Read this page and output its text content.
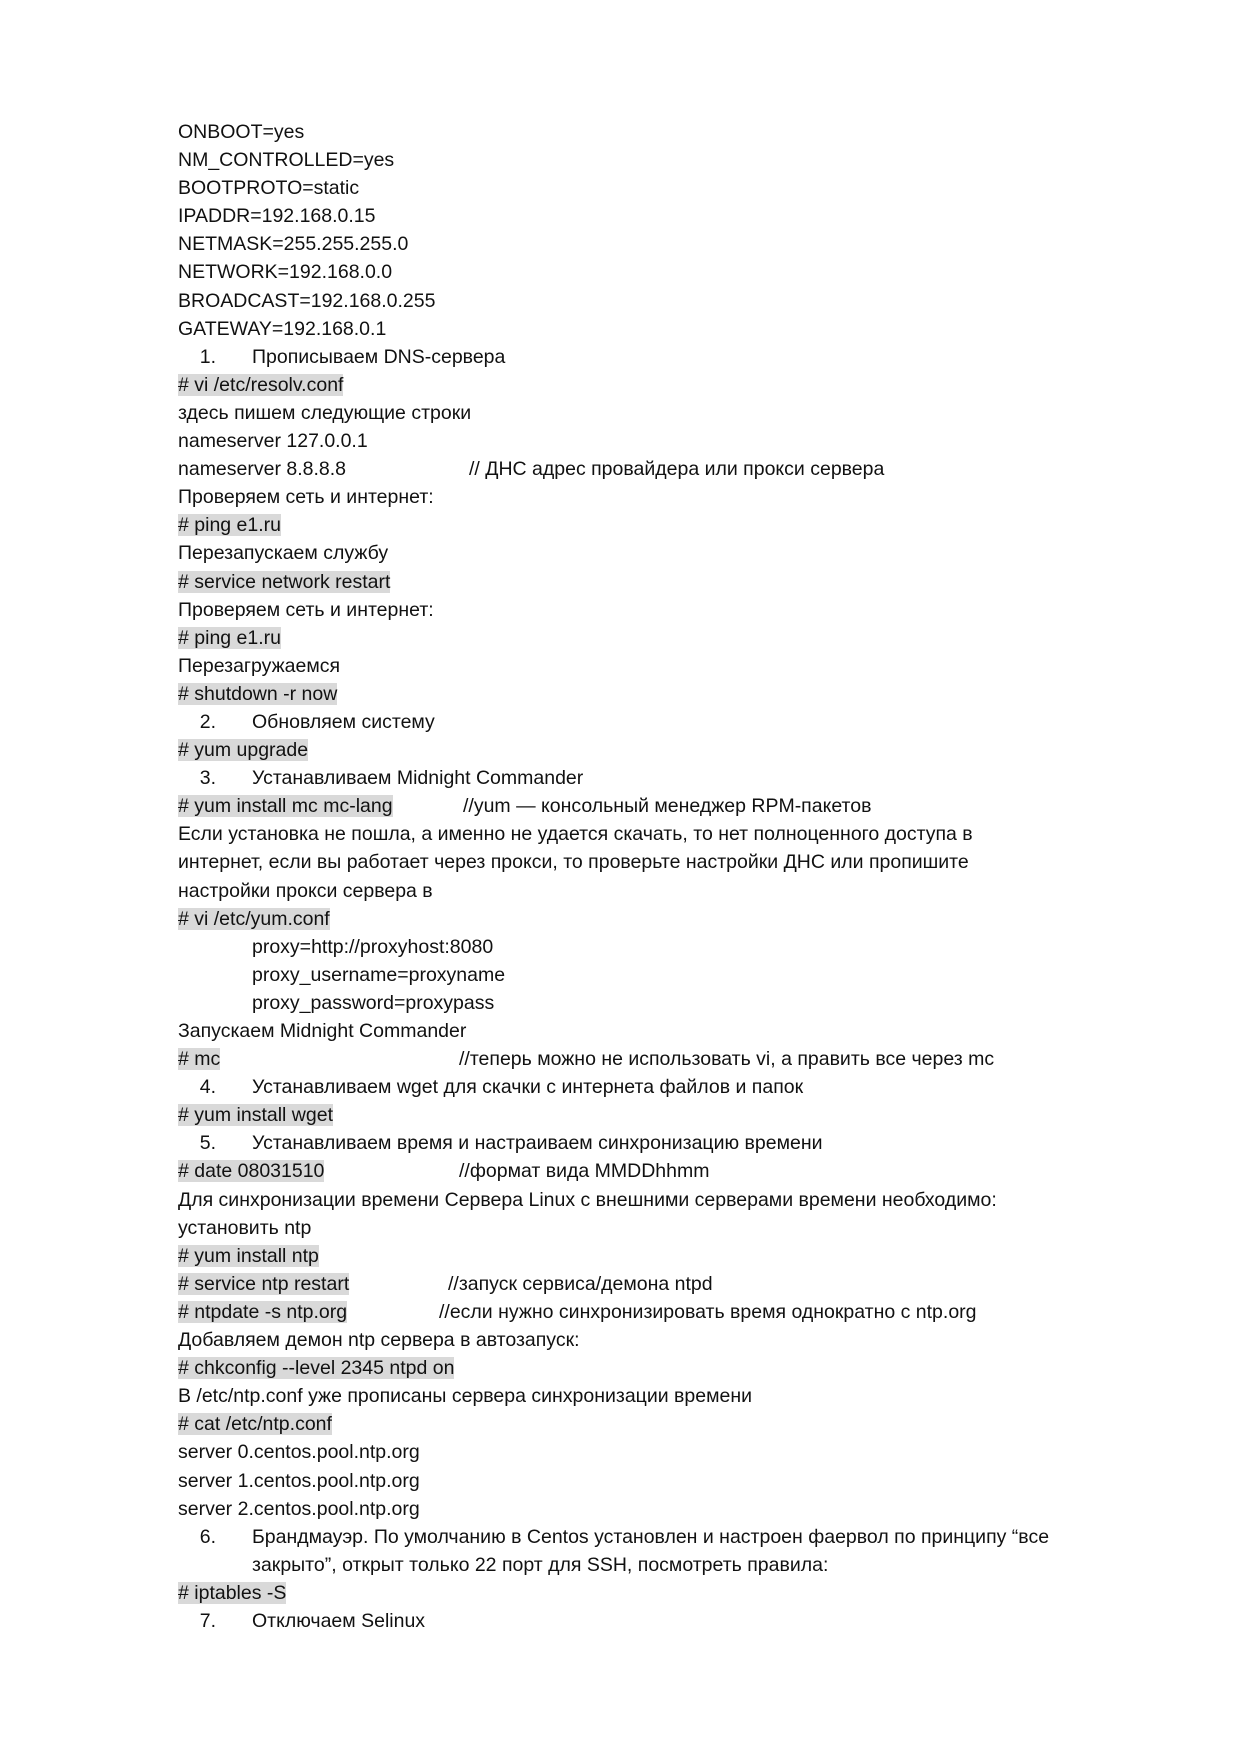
ONBOOT=yes
NM_CONTROLLED=yes
BOOTPROTO=static
IPADDR=192.168.0.15
NETMASK=255.255.255.0
NETWORK=192.168.0.0
BROADCAST=192.168.0.255
GATEWAY=192.168.0.1
1.	Прописываем DNS-сервера
# vi /etc/resolv.conf
здесь пишем следующие строки
nameserver 127.0.0.1
nameserver 8.8.8.8	// ДНС адрес провайдера или прокси сервера
Проверяем сеть и интернет:
# ping e1.ru
Перезапускаем службу
# service network restart
Проверяем сеть и интернет:
# ping e1.ru
Перезагружаемся
# shutdown -r now
2.	Обновляем систему
# yum upgrade
3.	Устанавливаем Midnight Commander
# yum install mc mc-lang	//yum — консольный менеджер RPM-пакетов
Если установка не пошла, а именно не удается скачать, то нет полноценного доступа в интернет, если вы работает через прокси, то проверьте настройки ДНС или пропишите настройки прокси сервера в
# vi /etc/yum.conf
proxy=http://proxyhost:8080
proxy_username=proxyname
proxy_password=proxypass
Запускаем Midnight Commander
# mc	//теперь можно не использовать vi, а править все через mc
4.	Устанавливаем wget для скачки с интернета файлов и папок
# yum install wget
5.	Устанавливаем время и настраиваем синхронизацию времени
# date 08031510	//формат вида MMDDhhmm
Для синхронизации времени Сервера Linux с внешними серверами времени необходимо: установить ntp
# yum install ntp
# service ntp restart	//запуск сервиса/демона ntpd
# ntpdate -s ntp.org	//если нужно синхронизировать время однократно с ntp.org
Добавляем демон ntp сервера в автозапуск:
# chkconfig --level 2345 ntpd on
В /etc/ntp.conf уже прописаны сервера синхронизации времени
# cat /etc/ntp.conf
server 0.centos.pool.ntp.org
server 1.centos.pool.ntp.org
server 2.centos.pool.ntp.org
6.	Брандмауэр. По умолчанию в Centos установлен и настроен фаервол по принципу “все закрыто”, открыт только 22 порт для SSH, посмотреть правила:
# iptables -S
7.	Отключаем Selinux
